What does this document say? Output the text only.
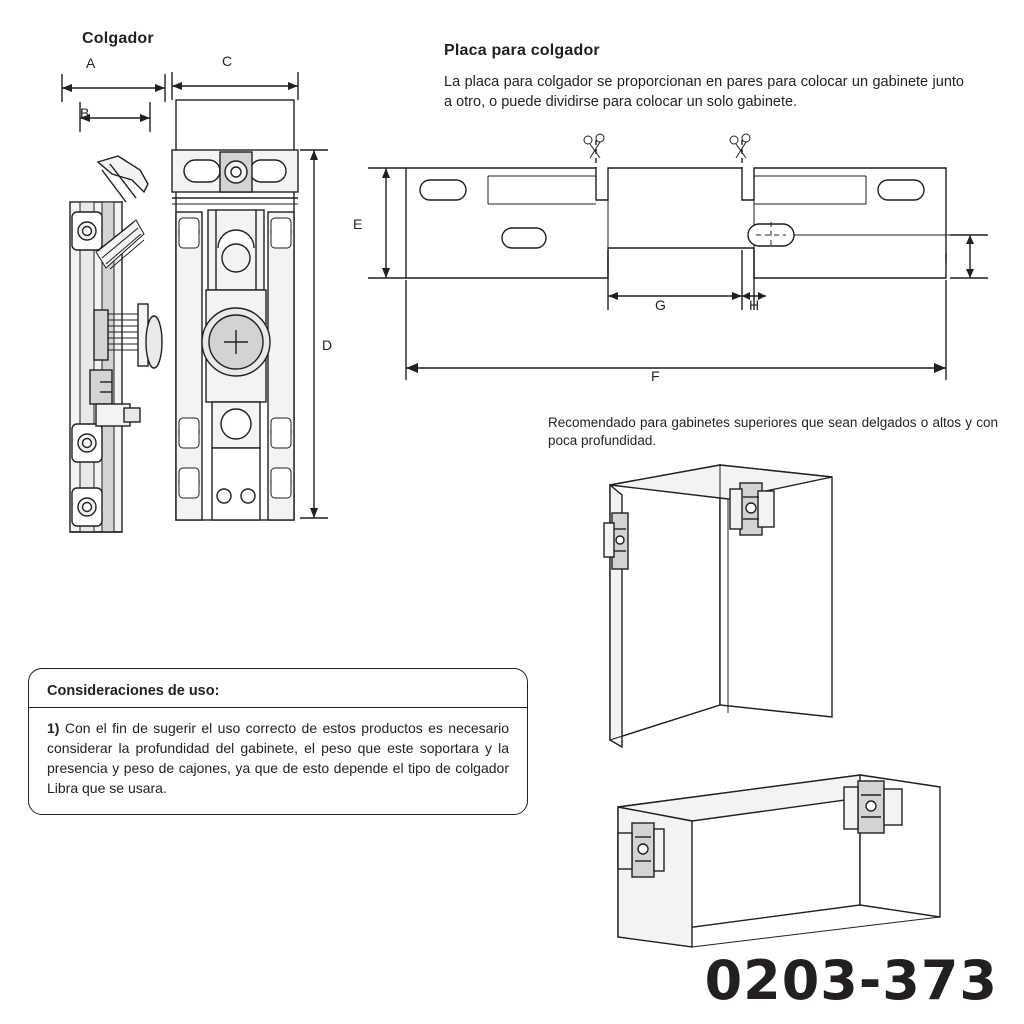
Colgador
A
B
C
D
Placa para colgador
La placa para colgador se proporcionan en pares para colocar un gabinete junto a otro, o puede dividirse para colocar un solo gabinete.
E
G	H
I
F
Recomendado para gabinetes superiores que sean delgados o altos y con poca profundidad.
Consideraciones de uso:
1) Con el fin de sugerir el uso correcto de estos productos es necesario considerar la profundidad del gabinete, el peso que este soportara y la presencia y peso de cajones, ya que de esto depende el tipo de colgador Libra que se usara.
0203-373
